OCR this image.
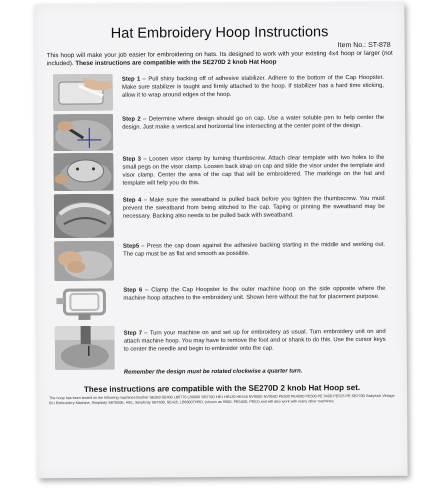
Hat Embroidery Hoop Instructions
Item No.: ST-878
This hoop will make your job easier for embroidering on hats. Its designed to work with your existing 4x4 hoop or larger (not included). These instructions are compatible with the SE270D 2 knob Hat Hoop
Step 1 – Pull shiny backing off of adhesive stabilizer. Adhere to the bottom of the Cap Hoopster. Make sure stabilizer is taught and firmly attached to the hoop. If stabilizer has a hard time sticking, allow it to wrap around edges of the hoop.
Step 2 – Determine where design should go on cap. Use a water soluble pen to help center the design. Just make a vertical and horizontal line intersecting at the center point of the design.
Step 3 – Loosen visor clamp by turning thumbscrew. Attach clear template with two holes to the small pegs on the visor clamp. Loosen back strap on cap and slide the visor under the template and visor clamp. Center the area of the cap that will be embroidered. The markings on the hat and template will help you do this.
Step 4 – Make sure the sweatband is pulled back before you tighten the thumbscrew. You must prevent the sweatband from being stitched to the cap. Taping or pinning the sweatband may be necessary. Backing also needs to be pulled back with sweatband.
Step5 – Press the cap down against the adhesive backing starting in the middle and working out. The cap must be as flat and smooth as possible.
Step 6 – Clamp the Cap Hoopster to the outer machine hoop on the side opposite where the machine hoop attaches to the embroidery unit. Shown here without the hat for placement purpose.
Step 7 – Turn your machine on and set up for embroidery as usual. Turn embroidery unit on and attach machine hoop. You may have to remove the foot and or shank to do this. Use the cursor keys to center the needle and begin to embroider onto the cap.
Remember the design must be rotated clockwise a quarter turn.
These instructions are compatible with the SE270D 2 knob Hat Hoop set.
The hoop has been tested on the following machines Brother SE350 SE400 LB6770 LB6800 SE270D HE1 HE120 HE240 NV900D NV950D PE500 PE400D PE500 PE 540D PE525 PE SE270D Babylock Vintage BLI Embroidery Machine, Simplicity SB7050E, HE1, Simplicity SB7500, SE425, LB6800THRD, (shown as 990D, PE540D, PE52) and will also work with many other machines.
